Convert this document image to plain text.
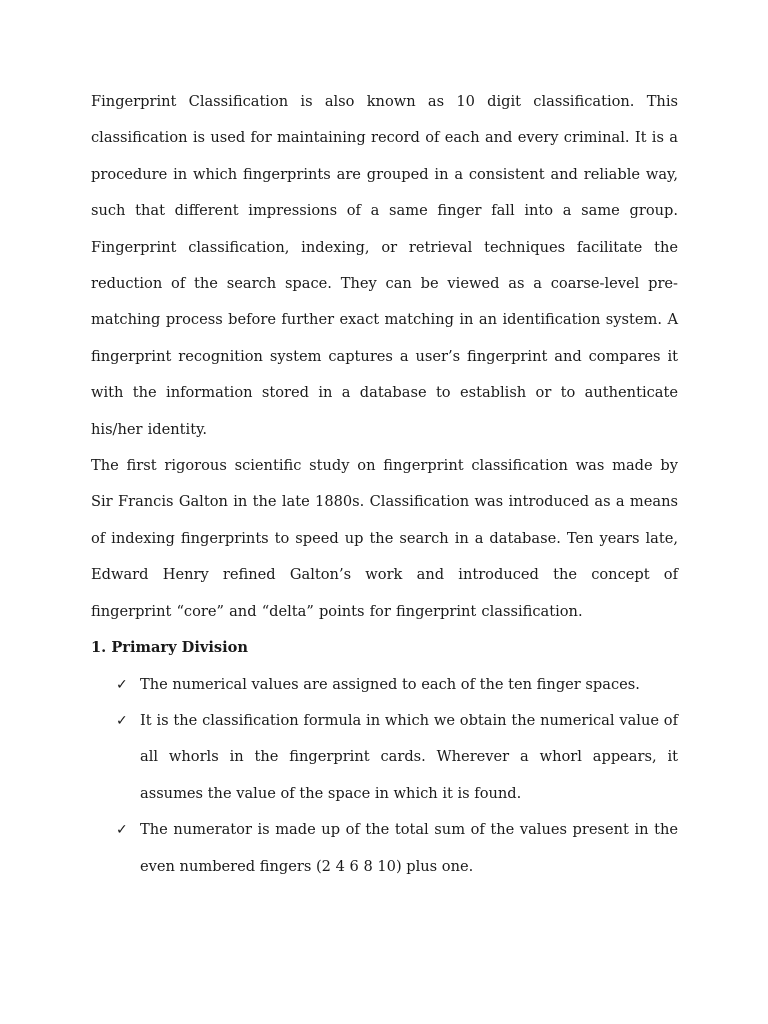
Fingerprint Classification is also known as 10 digit classification. This classification is used for maintaining record of each and every criminal. It is a procedure in which fingerprints are grouped in a consistent and reliable way, such that different impressions of a same finger fall into a same group. Fingerprint classification, indexing, or retrieval techniques facilitate the reduction of the search space. They can be viewed as a coarse-level pre-matching process before further exact matching in an identification system. A fingerprint recognition system captures a user’s fingerprint and compares it with the information stored in a database to establish or to authenticate his/her identity.

The first rigorous scientific study on fingerprint classification was made by Sir Francis Galton in the late 1880s. Classification was introduced as a means of indexing fingerprints to speed up the search in a database. Ten years late, Edward Henry refined Galton’s work and introduced the concept of fingerprint “core” and “delta” points for fingerprint classification.

1. Primary Division

✓ The numerical values are assigned to each of the ten finger spaces.
✓ It is the classification formula in which we obtain the numerical value of all whorls in the fingerprint cards. Wherever a whorl appears, it assumes the value of the space in which it is found.
✓ The numerator is made up of the total sum of the values present in the even numbered fingers (2 4 6 8 10) plus one.
